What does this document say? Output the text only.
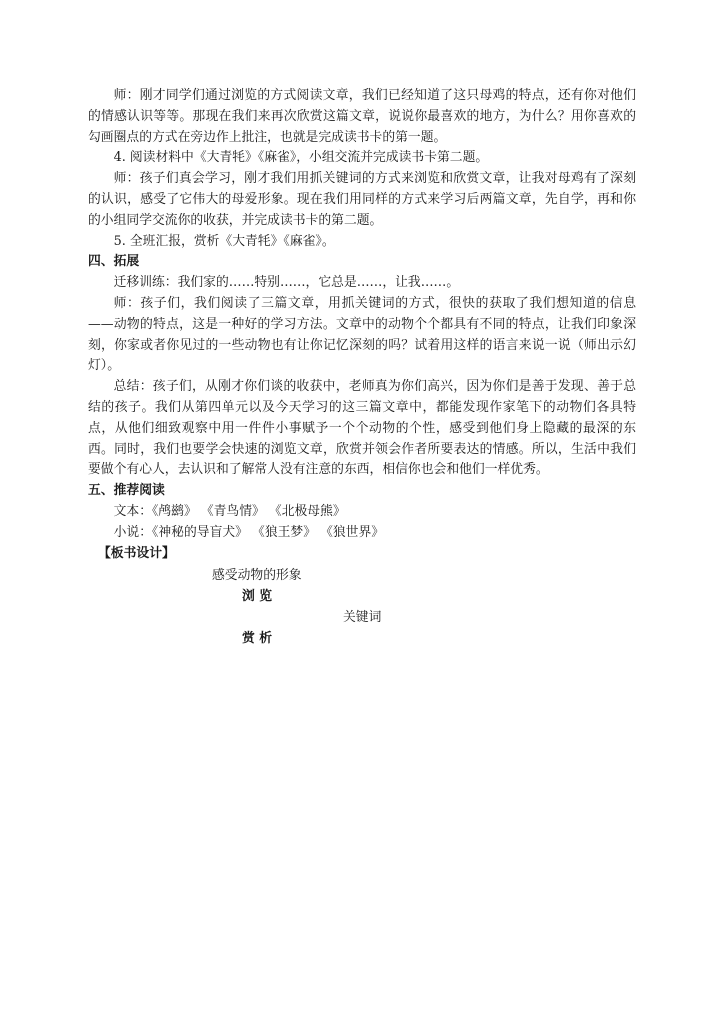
师：刚才同学们通过浏览的方式阅读文章，我们已经知道了这只母鸡的特点，还有你对他们的情感认识等等。那现在我们来再次欣赏这篇文章，说说你最喜欢的地方，为什么？用你喜欢的勾画圈点的方式在旁边作上批注，也就是完成读书卡的第一题。

4. 阅读材料中《大青牦》《麻雀》，小组交流并完成读书卡第二题。

师：孩子们真会学习，刚才我们用抓关键词的方式来浏览和欣赏文章，让我对母鸡有了深刻的认识，感受了它伟大的母爱形象。现在我们用同样的方式来学习后两篇文章，先自学，再和你的小组同学交流你的收获，并完成读书卡的第二题。

5. 全班汇报，赏析《大青牦》《麻雀》。

四、拓展

迁移训练：我们家的……特别……，它总是……，让我……。

师：孩子们，我们阅读了三篇文章，用抓关键词的方式，很快的获取了我们想知道的信息——动物的特点，这是一种好的学习方法。文章中的动物个个都具有不同的特点，让我们印象深刻，你家或者你见过的一些动物也有让你记忆深刻的吗？试着用这样的语言来说一说（师出示幻灯）。

总结：孩子们，从刚才你们谈的收获中，老师真为你们高兴，因为你们是善于发现、善于总结的孩子。我们从第四单元以及今天学习的这三篇文章中，都能发现作家笔下的动物们各具特点，从他们细致观察中用一件件小事赋予一个个动物的个性，感受到他们身上隐藏的最深的东西。同时，我们也要学会快速的浏览文章，欣赏并领会作者所要表达的情感。所以，生活中我们要做个有心人，去认识和了解常人没有注意的东西，相信你也会和他们一样优秀。

五、推荐阅读

文本：《鸬鹚》 《青鸟情》 《北极母熊》

小说：《神秘的导盲犬》 《狼王梦》 《狼世界》

【板书设计】
感受动物的形象
浏 览
关键词
赏 析
